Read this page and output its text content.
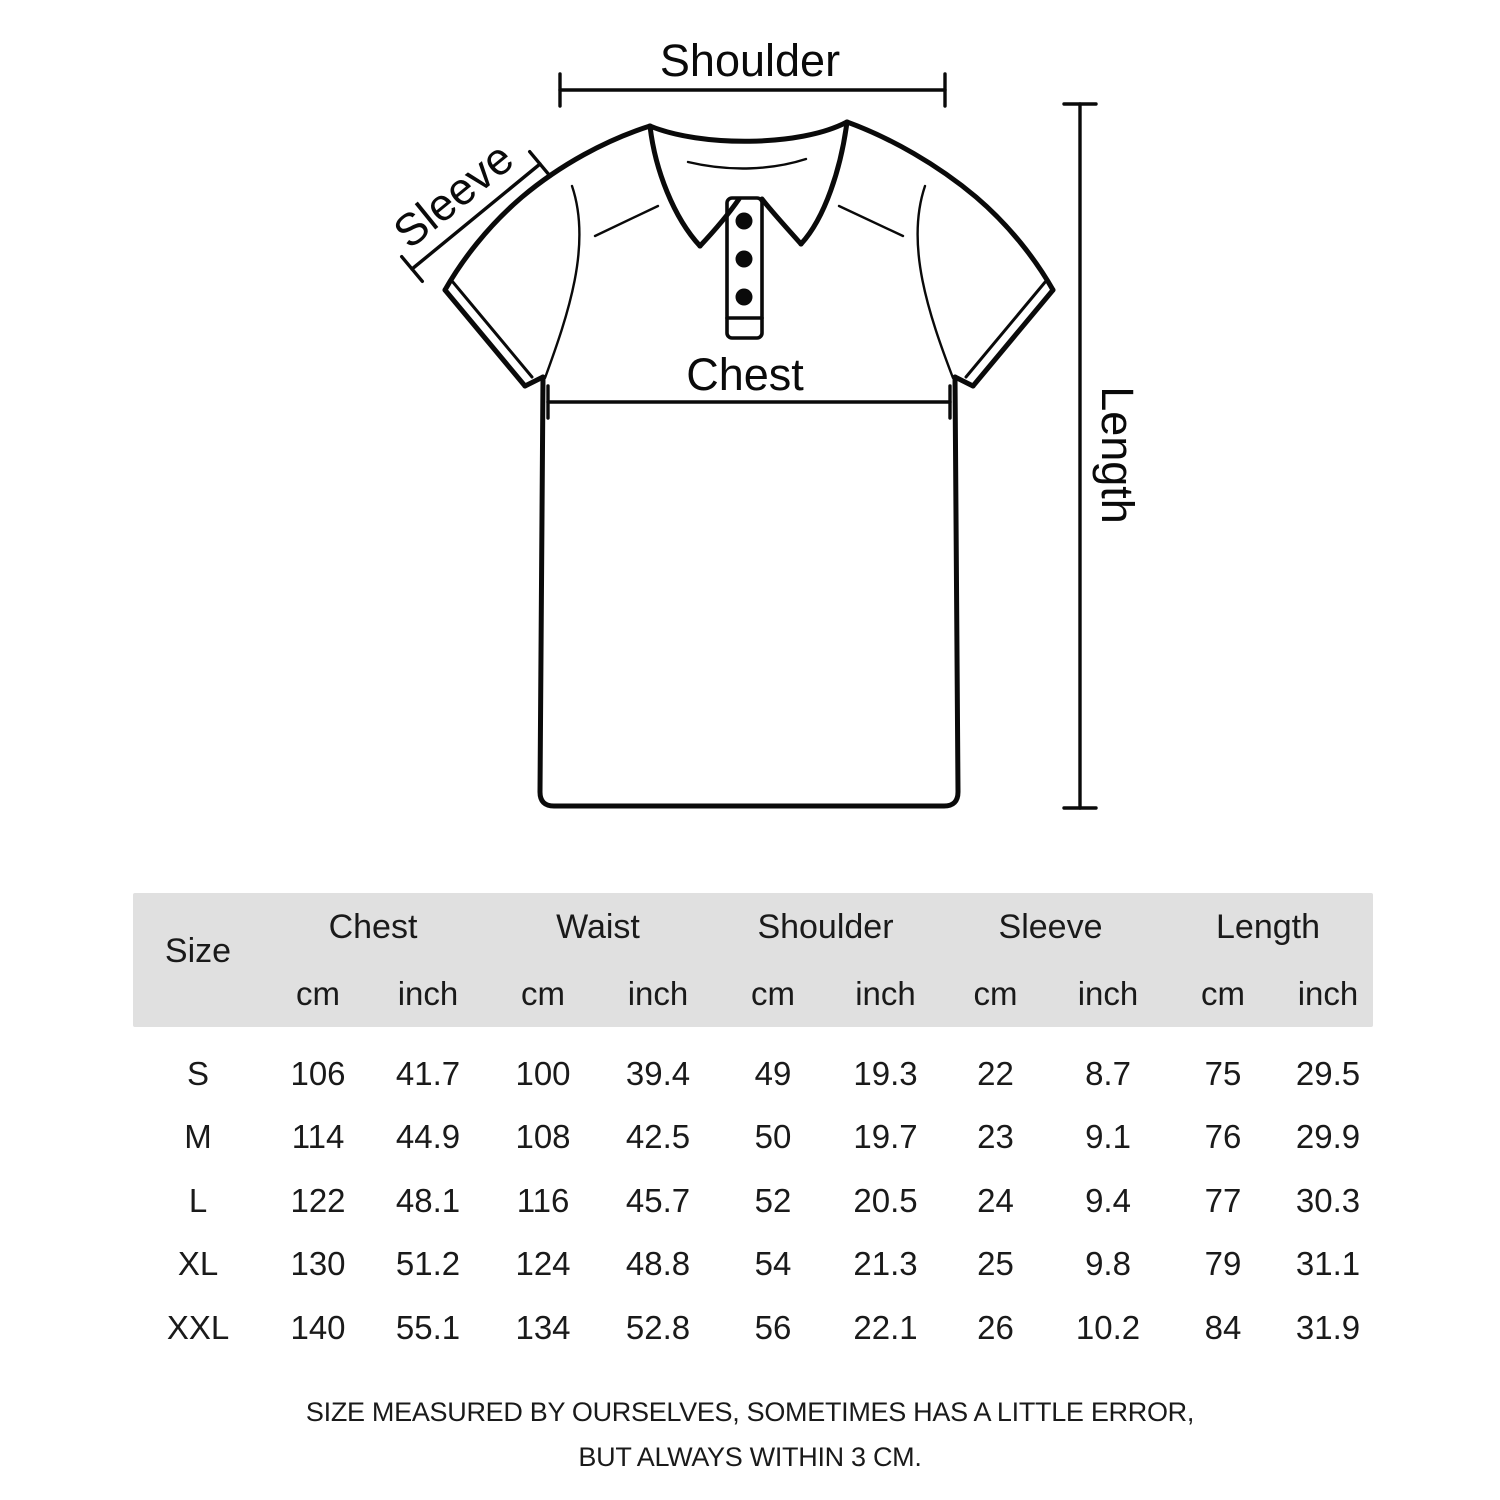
Shoulder
Sleeve
Chest
Length
Size
Chest	Waist	Shoulder	Sleeve	Length
cm	inch	cm	inch	cm	inch	cm	inch	cm	inch
S	106	41.7	100	39.4	49	19.3	22	8.7	75	29.5
M	114	44.9	108	42.5	50	19.7	23	9.1	76	29.9
L	122	48.1	116	45.7	52	20.5	24	9.4	77	30.3
XL	130	51.2	124	48.8	54	21.3	25	9.8	79	31.1
XXL	140	55.1	134	52.8	56	22.1	26	10.2	84	31.9
SIZE MEASURED BY OURSELVES, SOMETIMES HAS A LITTLE ERROR,
BUT ALWAYS WITHIN 3 CM.
